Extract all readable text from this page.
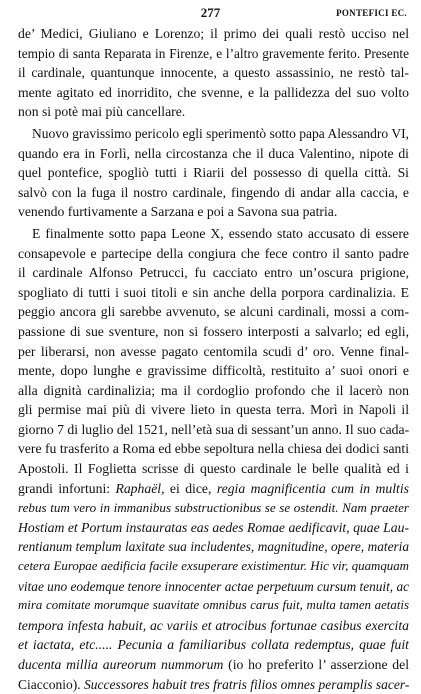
277	PONTEFICI EC.
de’ Medici, Giuliano e Lorenzo; il primo dei quali restò ucciso nel
tempio di santa Reparata in Firenze, e l’altro gravemente ferito. Presente
il cardinale, quantunque innocente, a questo assassinio, ne restò tal-
mente agitato ed inorridito, che svenne, e la pallidezza del suo volto
non si potè mai più cancellare.
Nuovo gravissimo pericolo egli sperimentò sotto papa Alessandro VI,
quando era in Forlì, nella circostanza che il duca Valentino, nipote di
quel pontefice, spogliò tutti i Riarii del possesso di quella città. Si
salvò con la fuga il nostro cardinale, fingendo di andar alla caccia, e
venendo furtivamente a Sarzana e poi a Savona sua patria.
E finalmente sotto papa Leone X, essendo stato accusato di essere
consapevole e partecipe della congiura che fece contro il santo padre
il cardinale Alfonso Petrucci, fu cacciato entro un’oscura prigione,
spogliato di tutti i suoi titoli e sin anche della porpora cardinalizia. E
peggio ancora gli sarebbe avvenuto, se alcuni cardinali, mossi a com-
passione di sue sventure, non si fossero interposti a salvarlo; ed egli,
per liberarsi, non avesse pagato centomila scudi d’ oro. Venne final-
mente, dopo lunghe e gravissime difficoltà, restituito a’ suoi onori e
alla dignità cardinalizia; ma il cordoglio profondo che il lacerò non
gli permise mai più di vivere lieto in questa terra. Morì in Napoli il
giorno 7 di luglio del 1521, nell’età sua di sessant’un anno. Il suo cada-
vere fu trasferito a Roma ed ebbe sepoltura nella chiesa dei dodici santi
Apostoli. Il Foglietta scrisse di questo cardinale le belle qualità ed i
grandi infortuni: Raphaël, ei dice, regia magnificentia cum in multis
rebus tum vero in immanibus substructionibus se se ostendit. Nam praeter
Hostiam et Portum instauratas eas aedes Romae aedificavit, quae Lau-
rentianum templum laxitate sua includentes, magnitudine, opere, materia
cetera Europae aedificia facile exsuperare existimentur. Hic vir, quamquam
vitae uno eodemque tenore innocenter actae perpetuum cursum tenuit, ac
mira comitate morumque suavitate omnibus carus fuit, multa tamen aetatis
tempora infesta habuit, ac variis et atrocibus fortunae casibus exercita
et iactata, etc..... Pecunia a familiaribus collata redemptus, quae fuit
ducenta millia aureorum nummorum (io ho preferito l’ asserzione del
Ciacconio). Successores habuit tres fratris filios omnes peramplis sacer-
